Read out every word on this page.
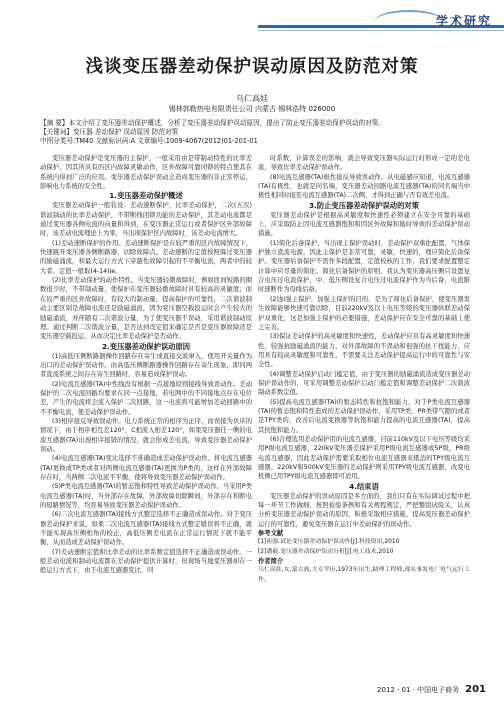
学术研究
浅谈变压器差动保护误动原因及防范对策
乌仁高娃
锡林郭勒热电有限责任公司 内蒙古 锡林浩特 026000
【摘 要】本文介绍了变压器差动保护概述，分析了变压器差动保护误动原因，提出了防止变压器差动保护误动的对策。
【关键词】变压器 差动保护 误动原因 防范对策
中图分类号:TM40 文献标识码:A 文章编号:1009-4067(2012)01-201-01

变压器差动保护是变压器的主保护，一般采用由是带制动特性的比率差动保护，因其所具有的区内故障灵敏动作，区外故障可靠闭锁的特点使其在系统内得到广泛的应用。变压器差动保护误动会造成变压器的非正常停运，影响电力系统的安全性。

1.变压器差动保护概述

变压器差动保护一般装设：差动速断保护，比率差动保护，二次(五次)谐波制动的比率差动保护，不带断线闭锁功能的差动保护，其差动电流都是通过变压器各侧电流的向量和得到，在变压器正常运行或者保护区外部故障时，该差动电流理论上为零，当出现保护区内故障时，该差动电流增大。

(1)差动速断保护的作用。差动速断保护是在较严重的区内故障情况下，快速跳开变压器各侧断路器，切除故障点。差动速断的定值按照躲过变压器的励磁涌流，和最大运行方式下穿越性故障引起的不平衡电流，两者中的较大者。定值一般取(4-14)Ie。

(2)比率差动保护的动作特性。当变压器轻微故障时，例如匝间短路的圈数很少时，不带制动量，使保护在变压器轻微故障时具有较高的灵敏度；而在较严重的区外故障时，有较大的制动量，提高保护的可靠性，二次谐波制动主要区别是故障电流还是励磁涌流，因为变压器空载投运时会产生较大的励磁涌流，并伴随有二次谐波分量，为了使变压器不误动，采用谐波制动原理。通过判断二次谐波分量，是否达到设定值来确定是否是变压器故障还是变压器空载投运，从而决定比率差动保护是否动作。

2.变压器差动保护误动原因

(1)高低压侧断路器操作回路存在寄生或直接交流窜入，使用开关量作为出口的差动保护误动作。由高低压侧断路器操作回路存在寄生现象，即同两者直流系统之间存在寄生回路时，容易造成保护误动。

(2)电流互感器(TA)中性线没有根据一点接地原则接线导致误动作。差动保护的二次电流回路均要求在同一点接地，若电网中的不同接地点存在电位差，产生的电流将会流入保护二次回路，这一电流将可能增加差动回路中的不平衡电流，使差动保护误动作。

(3)相序接反导致误动作。电力系统正常的相序为正序，而误接为负序的情况下，由于相序相互差120°，C相流入相差120°，如果变压器任一侧的电流互感器(TA)出现相序接错的情况，就会形成差电流，导致变压器差动保护误动。

(4)电流互感器(TA)变比选择不准确造成差动保护误动作。将电流互感器(TA)更换成TP类或者对两侧电流互感器(TA)更换为P类的，这样在外部故障存在时，当两侧二次电流不平衡，使将导致变压器差动保护误动作。

(5)P类电流互感器(TA)的暂态饱和特性导致差动保护误动作。当采用P类电流互感器(TA)时，当外部存在故障，外部故障切除瞬间，外部存在和断电的短路情况等，均容易导致变压器差动保护误动作。

(6)二次电流互感器(TA)接线方式整定选择不正确造成误动作。对于变压器差动保护来说，如果二次电流互感器(TA)接线方式整定错误将不正确，就不能实现高压侧相角的校正，高低压侧差电流在正常运行情况下就不能平衡，从而造成差动保护误动作。

(7)差动速断定值和比率差动的比率系数定值选择不正确造成误动作。一般差动电流和制动电流都在差动保护提供计算时，但现场当地变压器却在一般运行方式下，由于电流互感器变比、同

时系数，计算误差的影响，就会导致变压器实际运行时形成一定的差电流，导致比率差动保护误动作。

(8)电流互感器(TA)极性接反导致误动作。从电磁感应知道，电流互感器(TA)有极性，也就是同名端，变压器差动回路电流互感器(TA)的同名端当中极性相同时接至电流互感器(TA)二次侧，才得到正确与否有效差电流。

3.防止变压器差动保护误动的对策

变压器差动保护是根据高灵敏度和快速性必须建立在安全可靠的基础上，应采取防止因电流互感器饱和和因区外故障和励时导致的差动保护误动措施。

(1)简化后备保护，当出现主保护误动时，差动保护双重化配置，气体保护独立直流电源，因此主保护是非常可靠，灵敏，快速的，理应简化后备保护。变压器后备保护不需作多段配置，定值校核的工作，我们要求配置整定计算中应尽量的简化。简化后备保护的原则，我认为变压器高压侧只设置复合电压过电流保护，中、低压侧设复合电压过电流保护作为当后备，电流限时速断作为母线后备。

(2)加强主保护，加强主保护的目的，是为了简化后备保护，使变压器发生故障能够快速可靠切除，目前220kV及以上电压等级的变压器纵联差动保护双重化，这是加强主保护的必要措施，差动保护应在安全可靠的基础上使之完善。

(3)保证差动保护的高灵敏度和快速性，差动保护应具有高灵敏度和快速性，较强抗励磁涌流的能力，对外部故障的不误动和很强的抗干扰能力，应用具有较高灵敏度和可靠性，不需要关注差动保护提高运行中的可靠性与安全性。

(4)调整差动保护启动门槛定值，由于变压器的励磁涌流造成变压器差动保护误动作的，可采用调整差动保护启动门槛定值和调整差动保护二次谐波制动系数定值。

(5)提高电流互感器(TA)的暂态特性和抗饱和能力，对于P类电流互感器(TA)的暂态饱和特性造成的差动保护误动作，采用TP类、PR类带气隙的或者是TPY类的，改善后电流变换器等抗饱和能力提高的电流互感器(TA)，提高其抗饱和能力。

(6)合理选用差动保护用的电流互感器，目前110kV及以下电压等级均采用P级电流互感器，220kV变压器差保护采用P级电流互感器或5P级，PR级电流互感器，因此差动保护需要采取相位电流互感器来抵消的TPY级电流互感器，220kV和500kV变压器的差动保护则采用TPY级电流互感器，改变电机侧已用TPY级电流互感器即可适用。

4.结束语

变压器差动保护的误动原因是多方面的，我们只有在实际调试过程中把每一环节工作做细，按照检验条例和有关规程规定，严把整组试验关，认真分析变压器差动保护误动的原因，积极采取相应措施，提高变压器差动保护运行的可靠性，避免变压器在运行中差动保护的误动作。

参考文献

[1]崔强.试论变压器差动保护误动作[J].科技资讯,2010

[2]潘毅.变压器差动保护误动分析[J].电工技术,2010

作者简介

乌仁高娃,女,蒙古族,大专学历,1973年出生,助理工程师,现从事发电厂电气运行工作。

2012 · 01 · 中国电子商务 201
